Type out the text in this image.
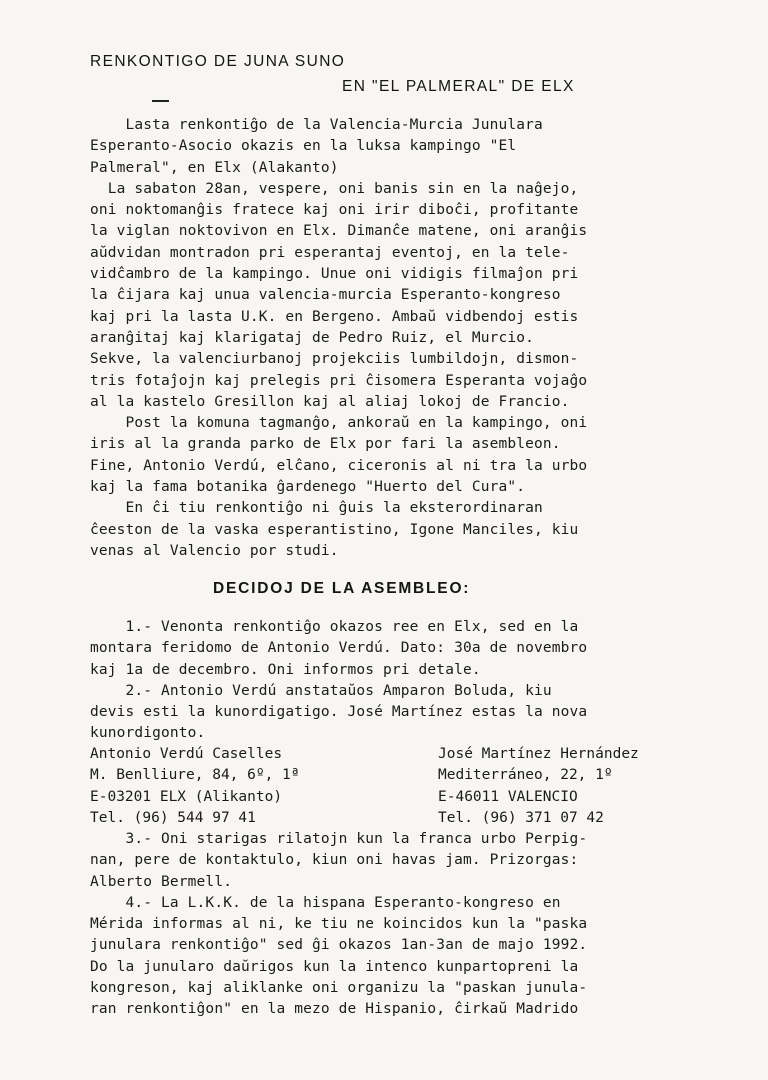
RENKONTIGO DE JUNA SUNO
EN "EL PALMERAL" DE ELX
Lasta renkontiĝo de la Valencia-Murcia Junulara
Esperanto-Asocio okazis en la luksa kampingo "El
Palmeral", en Elx (Alakanto)
La sabaton 28an, vespere, oni banis sin en la naĝejo,
oni noktomanĝis fratece kaj oni irir diboĉi, profitante
la viglan noktovivon en Elx. Dimanĉe matene, oni aranĝis
aŭdvidan montradon pri esperantaj eventoj, en la tele-
vidĉambro de la kampingo. Unue oni vidigis filmaĵon pri
la ĉijara kaj unua valencia-murcia Esperanto-kongreso
kaj pri la lasta U.K. en Bergeno. Ambaŭ vidbendoj estis
aranĝitaj kaj klarigataj de Pedro Ruiz, el Murcio.
Sekve, la valenciurbanoj projekciis lumbildojn, dismon-
tris fotaĵojn kaj prelegis pri ĉisomera Esperanta vojaĝo
al la kastelo Gresillon kaj al aliaj lokoj de Francio.
Post la komuna tagmanĝo, ankoraŭ en la kampingo, oni
iris al la granda parko de Elx por fari la asembleon.
Fine, Antonio Verdú, elĉano, ciceronis al ni tra la urbo
kaj la fama botanika ĝardenego "Huerto del Cura".
En ĉi tiu renkontiĝo ni ĝuis la eksterordinaran
ĉeeston de la vaska esperantistino, Igone Manciles, kiu
venas al Valencio por studi.
DECIDOJ DE LA ASEMBLEO:
1.- Venonta renkontiĝo okazos ree en Elx, sed en la
montara feridomo de Antonio Verdú. Dato: 30a de novembro
kaj 1a de decembro. Oni informos pri detale.
2.- Antonio Verdú anstataŭos Amparon Boluda, kiu
devis esti la kunordigatigo. José Martínez estas la nova
kunordigonto.
Antonio Verdú Caselles
M. Benlliure, 84, 6º, 1ª
E-03201 ELX (Alikanto)
Tel. (96) 544 97 41
José Martínez Hernández
Mediterráneo, 22, 1º
E-46011 VALENCIO
Tel. (96) 371 07 42
3.- Oni starigas rilatojn kun la franca urbo Perpig-
nan, pere de kontaktulo, kiun oni havas jam. Prizorgas:
Alberto Bermell.
4.- La L.K.K. de la hispana Esperanto-kongreso en
Mérida informas al ni, ke tiu ne koincidos kun la "paska
junulara renkontiĝo" sed ĝi okazos 1an-3an de majo 1992.
Do la junularo daŭrigos kun la intenco kunpartopreni la
kongreson, kaj aliklanke oni organizu la "paskan junula-
ran renkontiĝon" en la mezo de Hispanio, ĉirkaŭ Madrido
